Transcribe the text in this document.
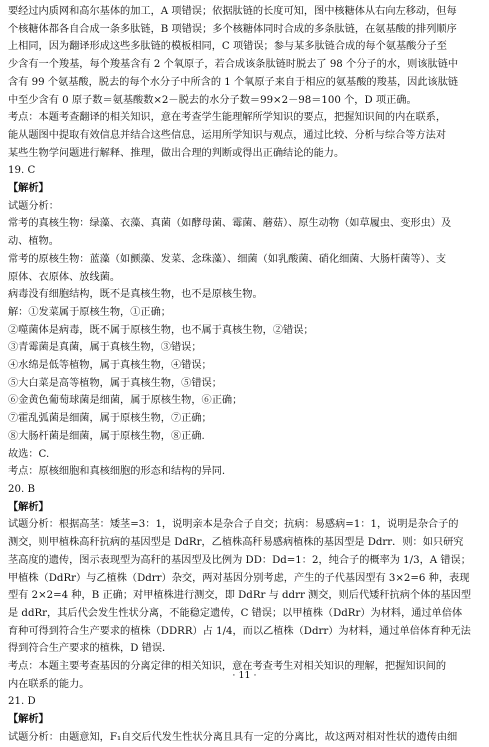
要经过内质网和高尔基体的加工，A 项错误；依据肽链的长度可知，图中核糖体从右向左移动，但每
个核糖体都各自合成一条多肽链，B 项错误；多个核糖体同时合成的多条肽链，在氨基酸的排列顺序
上相同，因为翻译形成这些多肽链的模板相同，C 项错误；参与某多肽链合成的每个氨基酸分子至
少含有一个羧基，每个羧基含有 2 个氧原子，若合成该条肽链时脱去了 98 个分子的水，则该肽链中
含有 99 个氨基酸，脱去的每个水分子中所含的 1 个氧原子来自于相应的氨基酸的羧基，因此该肽链
中至少含有 0 原子数＝氨基酸数×2－脱去的水分子数＝99×2－98＝100 个，D 项正确。
考点：本题考查翻译的相关知识，意在考查学生能理解所学知识的要点，把握知识间的内在联系，
能从题图中提取有效信息并结合这些信息，运用所学知识与观点，通过比较、分析与综合等方法对
某些生物学问题进行解释、推理，做出合理的判断或得出正确结论的能力。
19. C
【解析】
试题分析：
常考的真核生物：绿藻、衣藻、真菌（如酵母菌、霉菌、蘑菇）、原生动物（如草履虫、变形虫）及
动、植物。
常考的原核生物：蓝藻（如颤藻、发菜、念珠藻）、细菌（如乳酸菌、硝化细菌、大肠杆菌等）、支
原体、衣原体、放线菌。
病毒没有细胞结构，既不是真核生物，也不是原核生物。
解：①发菜属于原核生物，①正确；
②噬菌体是病毒，既不属于原核生物，也不属于真核生物，②错误；
③青霉菌是真菌，属于真核生物，③错误；
④水绵是低等植物，属于真核生物，④错误；
⑤大白菜是高等植物，属于真核生物，⑤错误；
⑥金黄色葡萄球菌是细菌，属于原核生物，⑥正确；
⑦霍乱弧菌是细菌，属于原核生物，⑦正确；
⑧大肠杆菌是细菌，属于原核生物，⑧正确.
故选：C.
考点：原核细胞和真核细胞的形态和结构的异同.
20. B
【解析】
试题分析：根据高茎：矮茎=3：1，说明亲本是杂合子自交；抗病：易感病=1：1，说明是杂合子的
测交，则甲植株高秆抗病的基因型是 DdRr，乙植株高秆易感病植株的基因型是 Ddrr．则：如只研究
茎高度的遗传，图示表现型为高秆的基因型及比例为 DD：Dd=1：2，纯合子的概率为 1/3，A 错误；
甲植株（DdRr）与乙植株（Ddrr）杂交，两对基因分别考虑，产生的子代基因型有 3×2=6 种，表现
型有 2×2=4 种，B 正确；对甲植株进行测交，即 DdRr 与 ddrr 测交，则后代矮秆抗病个体的基因型
是 ddRr，其后代会发生性状分离，不能稳定遗传，C 错误；以甲植株（DdRr）为材料，通过单倍体
育种可得到符合生产要求的植株（DDRR）占 1/4，而以乙植株（Ddrr）为材料，通过单倍体育种无法
得到符合生产要求的植株，D 错误．
考点：本题主要考查基因的分离定律的相关知识，意在考查考生对相关知识的理解，把握知识间的
内在联系的能力。
21. D
【解析】
试题分析：由题意知，F₁自交后代发生性状分离且具有一定的分离比，故这两对相对性状的遗传由细
· 11 ·
